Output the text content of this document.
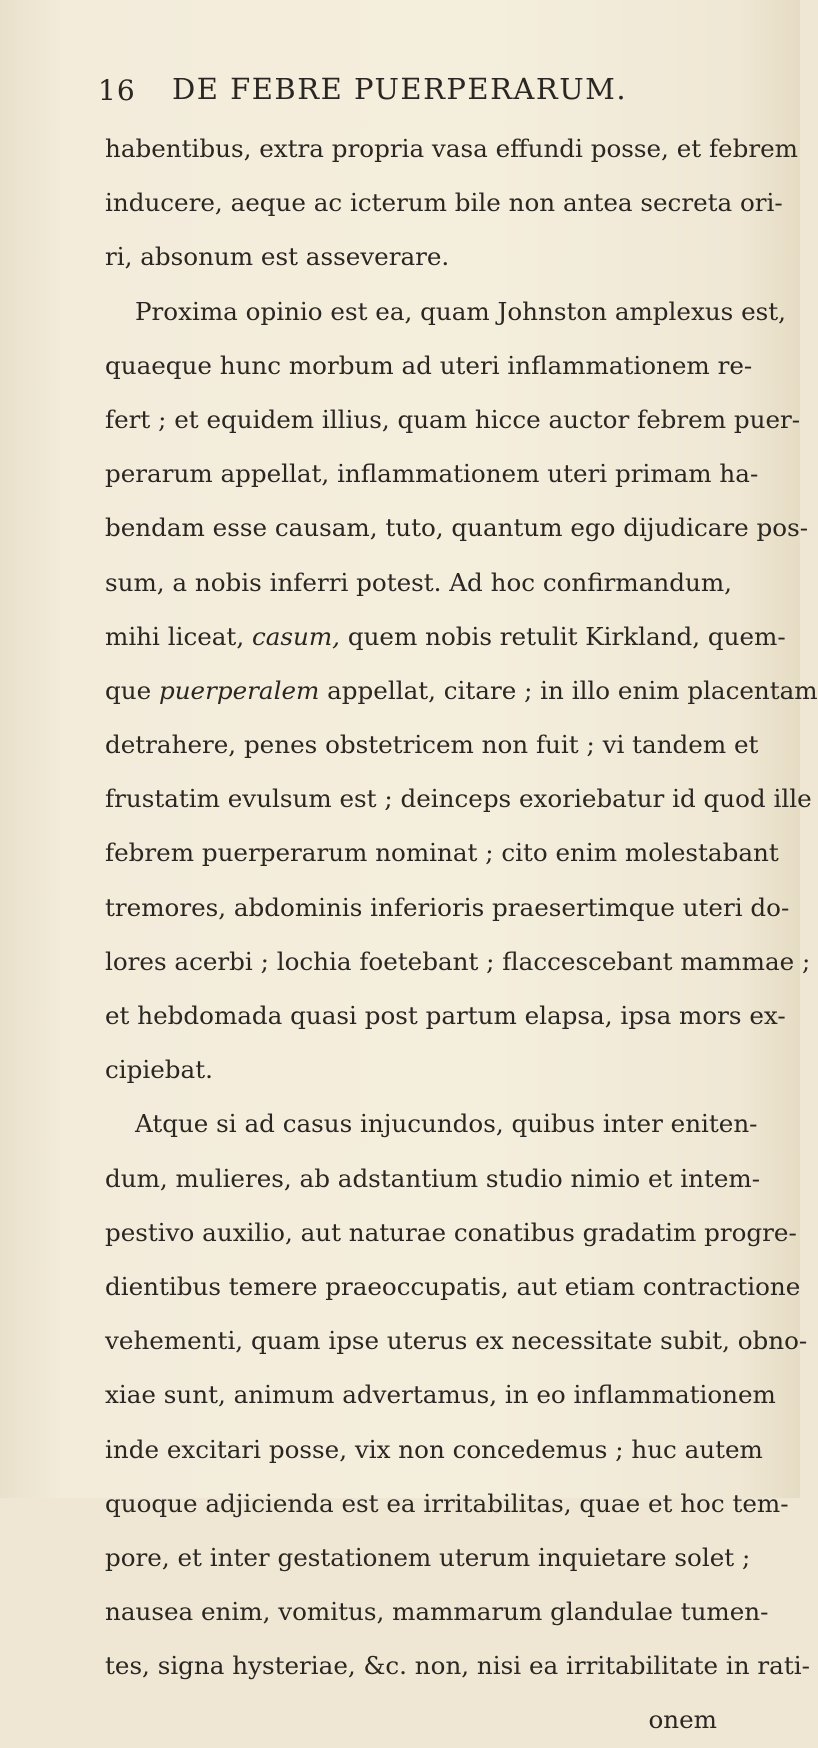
16 DE FEBRE PUERPERARUM.
habentibus, extra propria vasa effundi posse, et febrem
inducere, aeque ac icterum bile non antea secreta ori-
ri, absonum est asseverare.
Proxima opinio est ea, quam Johnston amplexus est,
quaeque hunc morbum ad uteri inflammationem re-
fert ; et equidem illius, quam hicce auctor febrem puer-
perarum appellat, inflammationem uteri primam ha-
bendam esse causam, tuto, quantum ego dijudicare pos-
sum, a nobis inferri potest. Ad hoc confirmandum,
mihi liceat, casum, quem nobis retulit Kirkland, quem-
que puerperalem appellat, citare ; in illo enim placentam
detrahere, penes obstetricem non fuit ; vi tandem et
frustatim evulsum est ; deinceps exoriebatur id quod ille
febrem puerperarum nominat ; cito enim molestabant
tremores, abdominis inferioris praesertimque uteri do-
lores acerbi ; lochia foetebant ; flaccescebant mammae ;
et hebdomada quasi post partum elapsa, ipsa mors ex-
cipiebat.
Atque si ad casus injucundos, quibus inter eniten-
dum, mulieres, ab adstantium studio nimio et intem-
pestivo auxilio, aut naturae conatibus gradatim progre-
dientibus temere praeoccupatis, aut etiam contractione
vehementi, quam ipse uterus ex necessitate subit, obno-
xiae sunt, animum advertamus, in eo inflammationem
inde excitari posse, vix non concedemus ; huc autem
quoque adjicienda est ea irritabilitas, quae et hoc tem-
pore, et inter gestationem uterum inquietare solet ;
nausea enim, vomitus, mammarum glandulae tumen-
tes, signa hysteriae, &c. non, nisi ea irritabilitate in rati-
onem
